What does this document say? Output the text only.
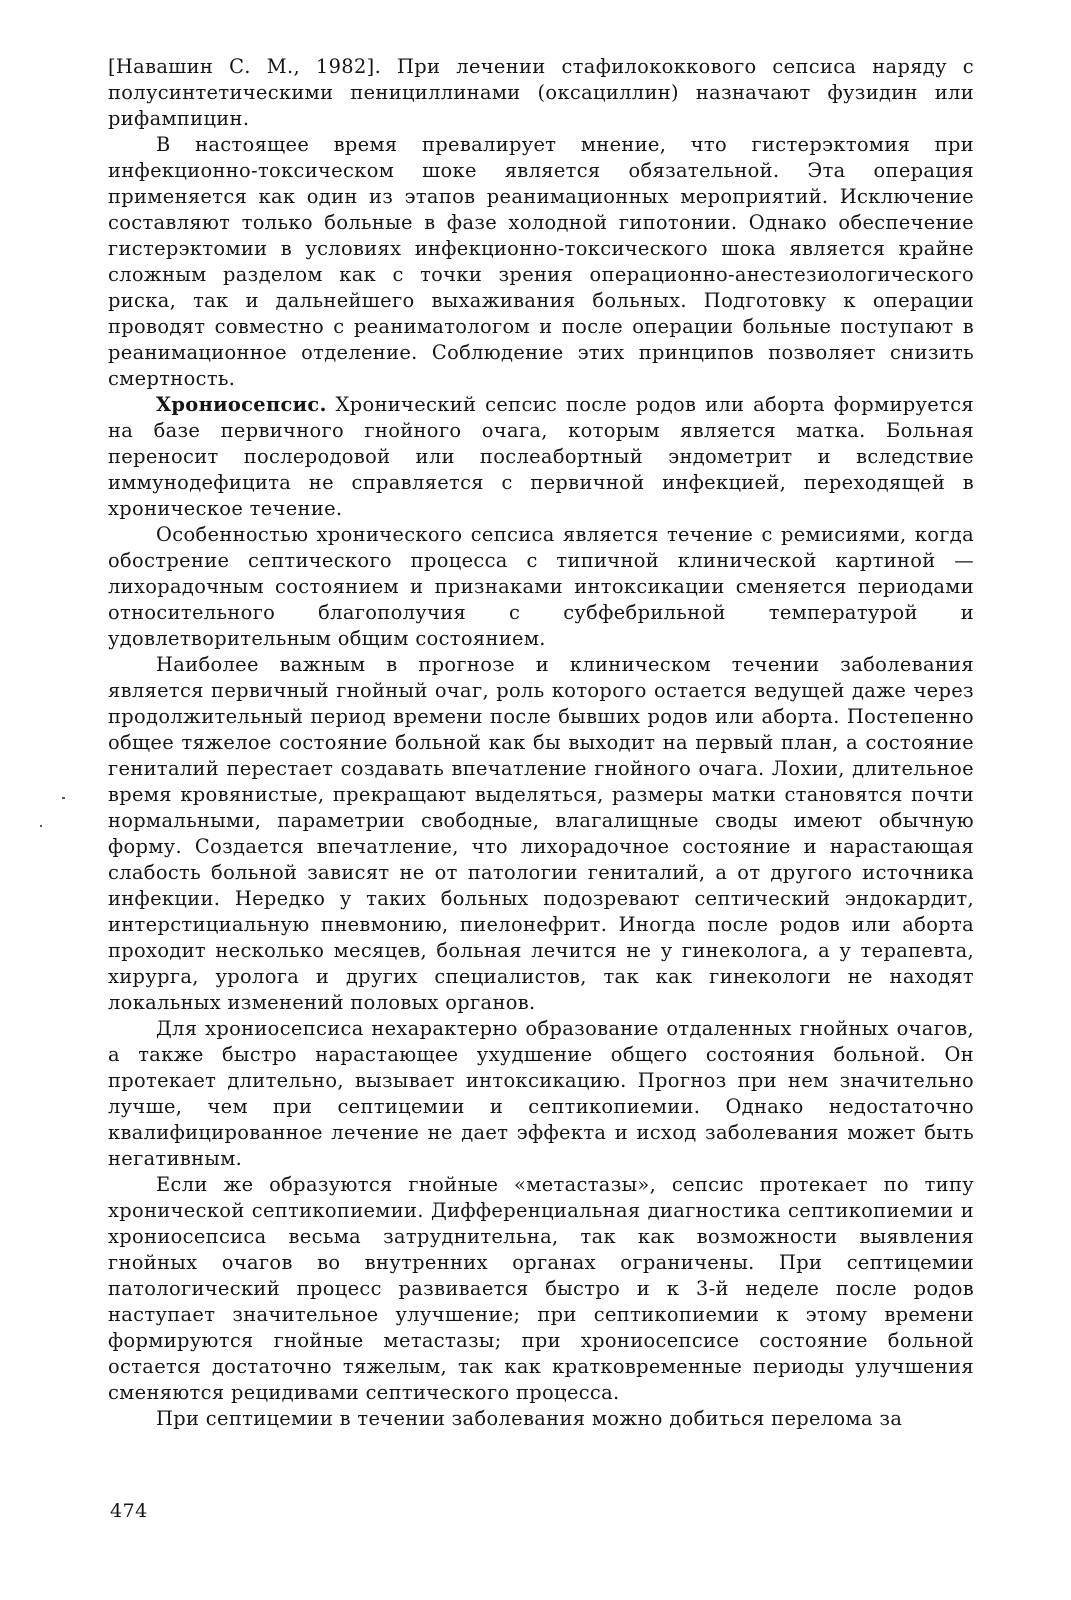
[Навашин С. М., 1982]. При лечении стафилококкового сепсиса наряду с полусинтетическими пенициллинами (оксациллин) назначают фузидин или рифампицин.

В настоящее время превалирует мнение, что гистерэктомия при инфекционно-токсическом шоке является обязательной. Эта операция применяется как один из этапов реанимационных мероприятий. Исключение составляют только больные в фазе холодной гипотонии. Однако обеспечение гистерэктомии в условиях инфекционно-токсического шока является крайне сложным разделом как с точки зрения операционно-анестезиологического риска, так и дальнейшего выхаживания больных. Подготовку к операции проводят совместно с реаниматологом и после операции больные поступают в реанимационное отделение. Соблюдение этих принципов позволяет снизить смертность.

Хрониосепсис. Хронический сепсис после родов или аборта формируется на базе первичного гнойного очага, которым является матка. Больная переносит послеродовой или послеабортный эндометрит и вследствие иммунодефицита не справляется с первичной инфекцией, переходящей в хроническое течение.

Особенностью хронического сепсиса является течение с ремисиями, когда обострение септического процесса с типичной клинической картиной — лихорадочным состоянием и признаками интоксикации сменяется периодами относительного благополучия с субфебрильной температурой и удовлетворительным общим состоянием.

Наиболее важным в прогнозе и клиническом течении заболевания является первичный гнойный очаг, роль которого остается ведущей даже через продолжительный период времени после бывших родов или аборта. Постепенно общее тяжелое состояние больной как бы выходит на первый план, а состояние гениталий перестает создавать впечатление гнойного очага. Лохии, длительное время кровянистые, прекращают выделяться, размеры матки становятся почти нормальными, параметрии свободные, влагалищные своды имеют обычную форму. Создается впечатление, что лихорадочное состояние и нарастающая слабость больной зависят не от патологии гениталий, а от другого источника инфекции. Нередко у таких больных подозревают септический эндокардит, интерстициальную пневмонию, пиелонефрит. Иногда после родов или аборта проходит несколько месяцев, больная лечится не у гинеколога, а у терапевта, хирурга, уролога и других специалистов, так как гинекологи не находят локальных изменений половых органов.

Для хрониосепсиса нехарактерно образование отдаленных гнойных очагов, а также быстро нарастающее ухудшение общего состояния больной. Он протекает длительно, вызывает интоксикацию. Прогноз при нем значительно лучше, чем при септицемии и септикопиемии. Однако недостаточно квалифицированное лечение не дает эффекта и исход заболевания может быть негативным.

Если же образуются гнойные «метастазы», сепсис протекает по типу хронической септикопиемии. Дифференциальная диагностика септикопиемии и хрониосепсиса весьма затруднительна, так как возможности выявления гнойных очагов во внутренних органах ограничены. При септицемии патологический процесс развивается быстро и к 3-й неделе после родов наступает значительное улучшение; при септикопиемии к этому времени формируются гнойные метастазы; при хрониосепсисе состояние больной остается достаточно тяжелым, так как кратковременные периоды улучшения сменяются рецидивами септического процесса.

При септицемии в течении заболевания можно добиться перелома за

474
